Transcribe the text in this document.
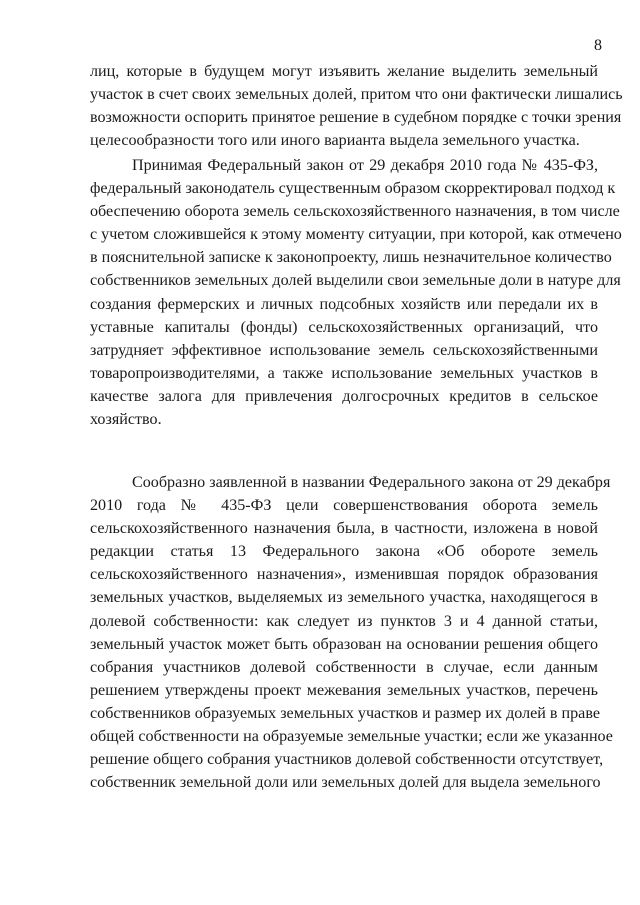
8
лиц, которые в будущем могут изъявить желание выделить земельный
участок в счет своих земельных долей, притом что они фактически лишались
возможности оспорить принятое решение в судебном порядке с точки зрения
целесообразности того или иного варианта выдела земельного участка.
Принимая Федеральный закон от 29 декабря 2010 года № 435-ФЗ,
федеральный законодатель существенным образом скорректировал подход к
обеспечению оборота земель сельскохозяйственного назначения, в том числе
с учетом сложившейся к этому моменту ситуации, при которой, как отмечено
в пояснительной записке к законопроекту, лишь незначительное количество
собственников земельных долей выделили свои земельные доли в натуре для
создания фермерских и личных подсобных хозяйств или передали их в
уставные капиталы (фонды) сельскохозяйственных организаций, что
затрудняет эффективное использование земель сельскохозяйственными
товаропроизводителями, а также использование земельных участков в
качестве залога для привлечения долгосрочных кредитов в сельское
хозяйство.
Сообразно заявленной в названии Федерального закона от 29 декабря
2010 года № 435-ФЗ цели совершенствования оборота земель
сельскохозяйственного назначения была, в частности, изложена в новой
редакции статья 13 Федерального закона «Об обороте земель
сельскохозяйственного назначения», изменившая порядок образования
земельных участков, выделяемых из земельного участка, находящегося в
долевой собственности: как следует из пунктов 3 и 4 данной статьи,
земельный участок может быть образован на основании решения общего
собрания участников долевой собственности в случае, если данным
решением утверждены проект межевания земельных участков, перечень
собственников образуемых земельных участков и размер их долей в праве
общей собственности на образуемые земельные участки; если же указанное
решение общего собрания участников долевой собственности отсутствует,
собственник земельной доли или земельных долей для выдела земельного
